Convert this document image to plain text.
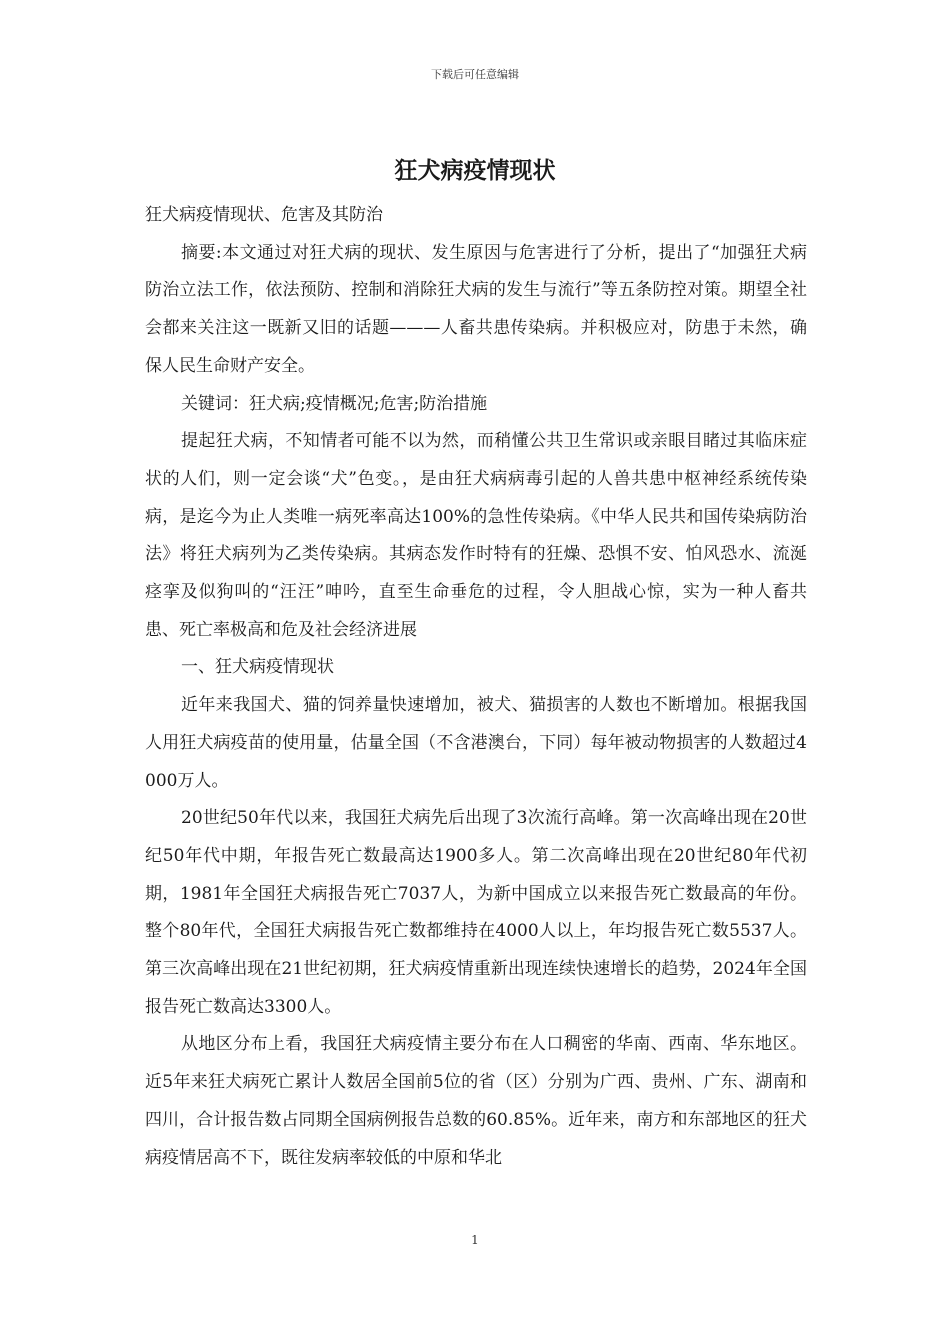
下载后可任意编辑
狂犬病疫情现状

狂犬病疫情现状、危害及其防治

摘要:本文通过对狂犬病的现状、发生原因与危害进行了分析，提出了“加强狂犬病防治立法工作，依法预防、控制和消除狂犬病的发生与流行”等五条防控对策。期望全社会都来关注这一既新又旧的话题———人畜共患传染病。并积极应对，防患于未然，确保人民生命财产安全。

关键词：狂犬病;疫情概况;危害;防治措施

提起狂犬病，不知情者可能不以为然，而稍懂公共卫生常识或亲眼目睹过其临床症状的人们，则一定会谈“犬”色变。，是由狂犬病病毒引起的人兽共患中枢神经系统传染病，是迄今为止人类唯一病死率高达100%的急性传染病。《中华人民共和国传染病防治法》将狂犬病列为乙类传染病。其病态发作时特有的狂燥、恐惧不安、怕风恐水、流涎痉挛及似狗叫的“汪汪”呻吟，直至生命垂危的过程，令人胆战心惊，实为一种人畜共患、死亡率极高和危及社会经济进展

一、狂犬病疫情现状

近年来我国犬、猫的饲养量快速增加，被犬、猫损害的人数也不断增加。根据我国人用狂犬病疫苗的使用量，估量全国（不含港澳台，下同）每年被动物损害的人数超过4000万人。

20世纪50年代以来，我国狂犬病先后出现了3次流行高峰。第一次高峰出现在20世纪50年代中期，年报告死亡数最高达1900多人。第二次高峰出现在20世纪80年代初期，1981年全国狂犬病报告死亡7037人，为新中国成立以来报告死亡数最高的年份。整个80年代，全国狂犬病报告死亡数都维持在4000人以上，年均报告死亡数5537人。第三次高峰出现在21世纪初期，狂犬病疫情重新出现连续快速增长的趋势，2024年全国报告死亡数高达3300人。

从地区分布上看，我国狂犬病疫情主要分布在人口稠密的华南、西南、华东地区。近5年来狂犬病死亡累计人数居全国前5位的省（区）分别为广西、贵州、广东、湖南和四川，合计报告数占同期全国病例报告总数的60.85%。近年来，南方和东部地区的狂犬病疫情居高不下，既往发病率较低的中原和华北

1
